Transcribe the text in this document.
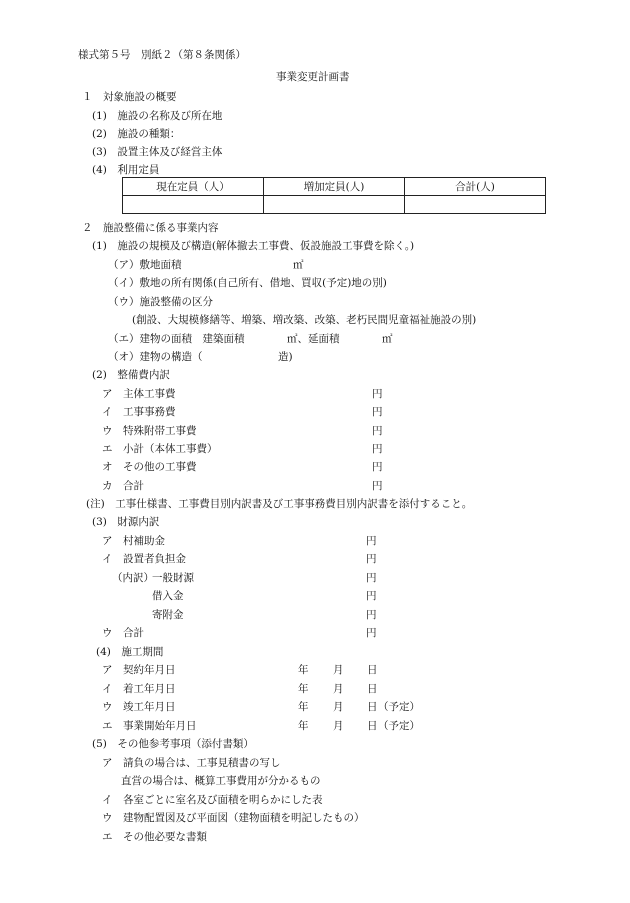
様式第５号　別紙２（第８条関係）
事業変更計画書
１　対象施設の概要
(1)　施設の名称及び所在地
(2)　施設の種類：
(3)　設置主体及び経営主体
(4)　利用定員
現在定員（人）	増加定員(人)	合計(人)

２　施設整備に係る事業内容
(1)　施設の規模及び構造(解体撤去工事費、仮設施設工事費を除く。)
（ア）敷地面積	㎡
（イ）敷地の所有関係(自己所有、借地、買収(予定)地の別)
（ウ）施設整備の区分
(創設、大規模修繕等、増築、増改築、改築、老朽民間児童福祉施設の別)
（エ）建物の面積　建築面積	㎡、延面積	㎡
（オ）建物の構造（	造)
(2)　整備費内訳
ア　主体工事費	円
イ　工事事務費	円
ウ　特殊附帯工事費	円
エ　小計（本体工事費）	円
オ　その他の工事費	円
カ　合計	円
(注)　工事仕様書、工事費目別内訳書及び工事事務費目別内訳書を添付すること。
(3)　財源内訳
ア　村補助金	円
イ　設置者負担金	円
（内訳）
一般財源	円
借入金	円
寄附金	円
ウ　合計	円
(4)　施工期間
ア　契約年月日	年 月 日
イ　着工年月日	年 月 日
ウ　竣工年月日	年 月 日 （予定）
エ　事業開始年月日	年 月 日 （予定）
(5)　その他参考事項（添付書類）
ア　請負の場合は、工事見積書の写し
直営の場合は、概算工事費用が分かるもの
イ　各室ごとに室名及び面積を明らかにした表
ウ　建物配置図及び平面図（建物面積を明記したもの）
エ　その他必要な書類
